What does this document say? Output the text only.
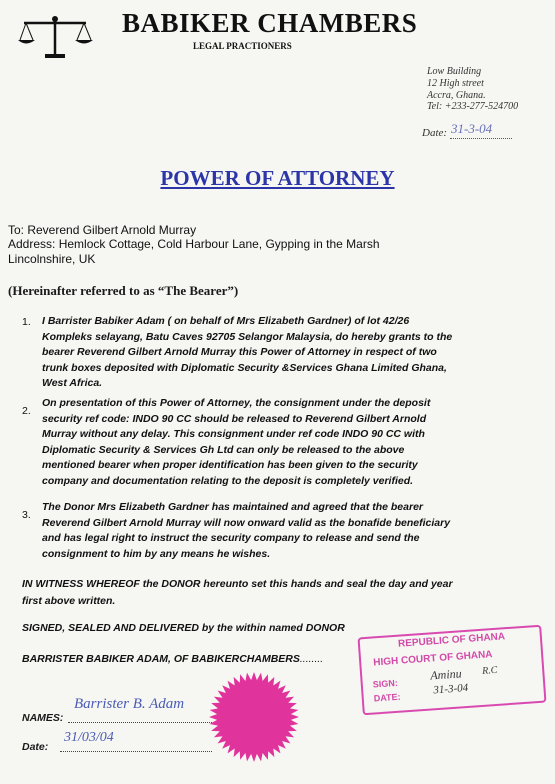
BABIKER CHAMBERS
LEGAL PRACTIONERS
Low Building
12 High street
Accra, Ghana.
Tel: +233-277-524700
Date: 31-3-04
POWER OF ATTORNEY
To: Reverend Gilbert Arnold Murray
Address: Hemlock Cottage, Cold Harbour Lane, Gypping in the Marsh
Lincolnshire, UK
(Hereinafter referred to as “The Bearer”)
1. I Barrister Babiker Adam ( on behalf of Mrs Elizabeth Gardner) of lot 42/26
Kompleks selayang, Batu Caves 92705 Selangor Malaysia, do hereby grants to the
bearer Reverend Gilbert Arnold Murray this Power of Attorney in respect of two
trunk boxes deposited with Diplomatic Security &Services Ghana Limited Ghana,
West Africa.
2.
On presentation of this Power of Attorney, the consignment under the deposit
security ref code: INDO 90 CC should be released to Reverend Gilbert Arnold
Murray without any delay. This consignment under ref code INDO 90 CC with
Diplomatic Security & Services Gh Ltd can only be released to the above
mentioned bearer when proper identification has been given to the security
company and documentation relating to the deposit is completely verified.
3.
The Donor Mrs Elizabeth Gardner has maintained and agreed that the bearer
Reverend Gilbert Arnold Murray will now onward valid as the bonafide beneficiary
and has legal right to instruct the security company to release and send the
consignment to him by any means he wishes.
IN WITNESS WHEREOF the DONOR hereunto set this hands and seal the day and year
first above written.
SIGNED, SEALED AND DELIVERED by the within named DONOR
BARRISTER BABIKER ADAM, OF BABIKERCHAMBERS........
NAMES:
Barrister B. Adam
Date:
31/03/04
REPUBLIC OF GHANA
HIGH COURT OF GHANA
SIGN:
DATE:
Aminu R.C
31-3-04
